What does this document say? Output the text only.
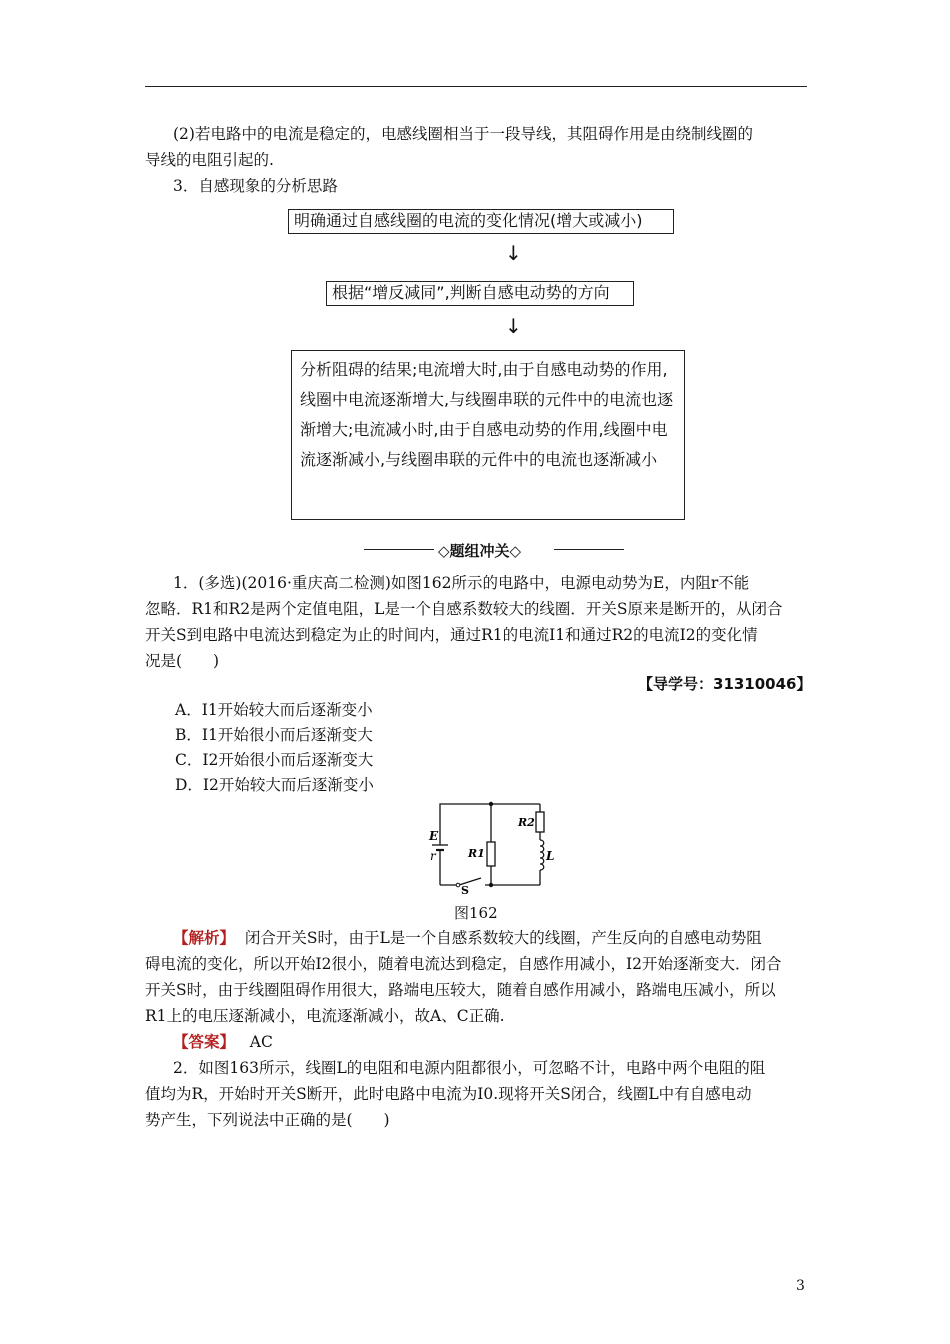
(2)若电路中的电流是稳定的，电感线圈相当于一段导线，其阻碍作用是由绕制线圈的
导线的电阻引起的.
3．自感现象的分析思路
明确通过自感线圈的电流的变化情况(增大或减小)
↓
根据“增反减同”,判断自感电动势的方向
↓
分析阻碍的结果;电流增大时,由于自感电动势的作用,线圈中电流逐渐增大,与线圈串联的元件中的电流也逐渐增大;电流减小时,由于自感电动势的作用,线圈中电流逐渐减小,与线圈串联的元件中的电流也逐渐减小
◇题组冲关◇
1．(多选)(2016·重庆高二检测)如图162所示的电路中，电源电动势为E，内阻r不能
忽略．R1和R2是两个定值电阻，L是一个自感系数较大的线圈．开关S原来是断开的，从闭合
开关S到电路中电流达到稳定为止的时间内，通过R1的电流I1和通过R2的电流I2的变化情
况是(　　)
【导学号：31310046】
A．I1开始较大而后逐渐变小
B．I1开始很小而后逐渐变大
C．I2开始很小而后逐渐变大
D．I2开始较大而后逐渐变小
E
r	R1
R2
L
S
图162
【解析】 闭合开关S时，由于L是一个自感系数较大的线圈，产生反向的自感电动势阻
碍电流的变化，所以开始I2很小，随着电流达到稳定，自感作用减小，I2开始逐渐变大．闭合
开关S时，由于线圈阻碍作用很大，路端电压较大，随着自感作用减小，路端电压减小，所以
R1上的电压逐渐减小，电流逐渐减小，故A、C正确.
【答案】 AC
2．如图163所示，线圈L的电阻和电源内阻都很小，可忽略不计，电路中两个电阻的阻
值均为R，开始时开关S断开，此时电路中电流为I0.现将开关S闭合，线圈L中有自感电动
势产生，下列说法中正确的是(　　)
3
